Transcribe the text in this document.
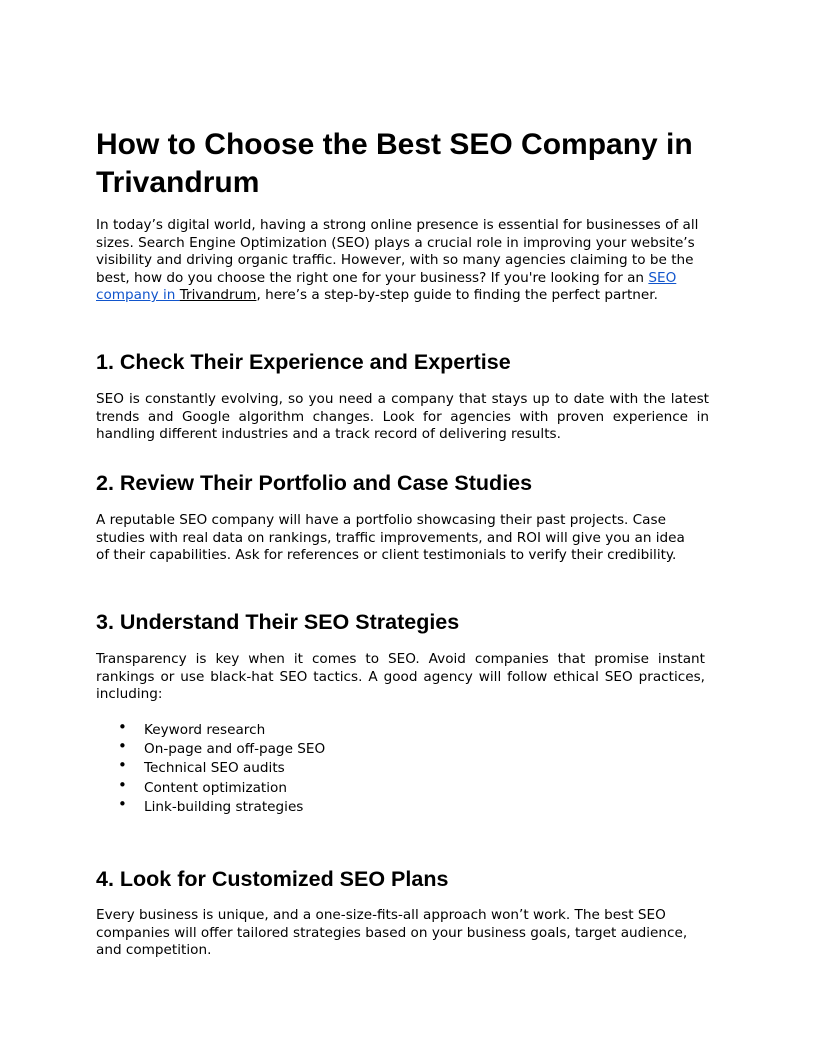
How to Choose the Best SEO Company in Trivandrum

In today’s digital world, having a strong online presence is essential for businesses of all sizes. Search Engine Optimization (SEO) plays a crucial role in improving your website’s visibility and driving organic traffic. However, with so many agencies claiming to be the best, how do you choose the right one for your business? If you're looking for an SEO company in Trivandrum, here’s a step-by-step guide to finding the perfect partner.

1. Check Their Experience and Expertise

SEO is constantly evolving, so you need a company that stays up to date with the latest trends and Google algorithm changes. Look for agencies with proven experience in handling different industries and a track record of delivering results.

2. Review Their Portfolio and Case Studies

A reputable SEO company will have a portfolio showcasing their past projects. Case studies with real data on rankings, traffic improvements, and ROI will give you an idea of their capabilities. Ask for references or client testimonials to verify their credibility.

3. Understand Their SEO Strategies

Transparency is key when it comes to SEO. Avoid companies that promise instant rankings or use black-hat SEO tactics. A good agency will follow ethical SEO practices, including:

• Keyword research
• On-page and off-page SEO
• Technical SEO audits
• Content optimization
• Link-building strategies
4. Look for Customized SEO Plans

Every business is unique, and a one-size-fits-all approach won’t work. The best SEO companies will offer tailored strategies based on your business goals, target audience, and competition.
